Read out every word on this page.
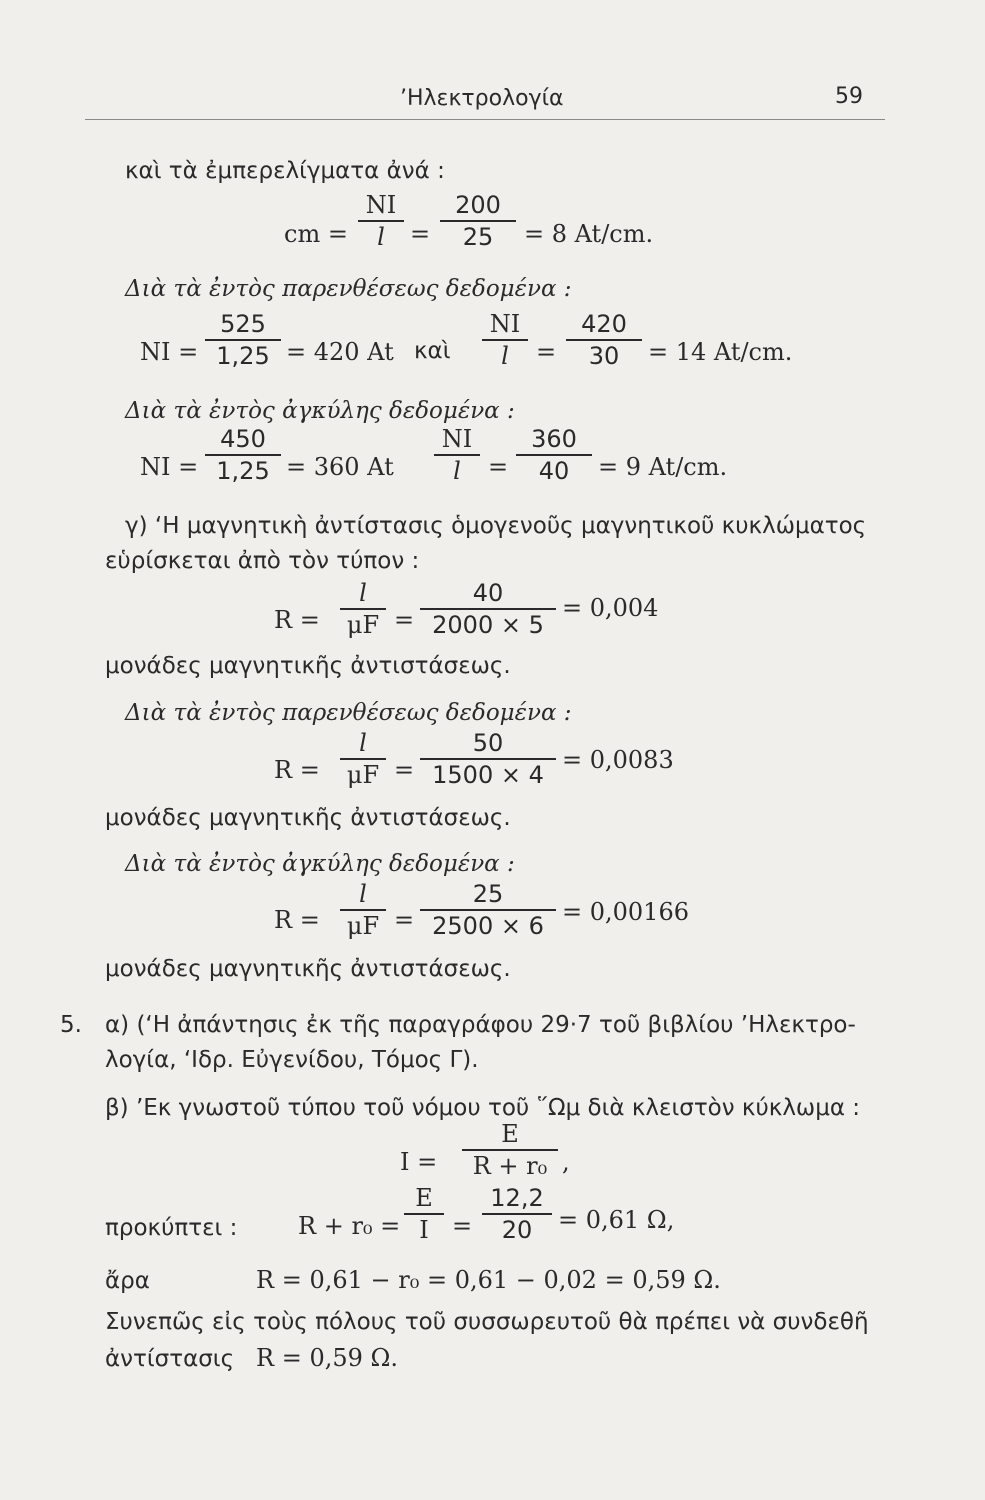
’Ηλεκτρολογία	59
καὶ τὰ ἐμπερελίγματα ἀνά :
cm =
NI
l	=
200
25	= 8 At/cm.
Διὰ τὰ ἐντὸς παρενθέσεως δεδομένα :
NI =
525
1,25 = 420 At καὶ
NI
l	=
420
30	= 14 At/cm.
Διὰ τὰ ἐντὸς ἀγκύλης δεδομένα :
NI =
450
1,25 = 360 At
NI
l	=
360
40	= 9 At/cm.
γ) ‘Η μαγνητικὴ ἀντίστασις ὁμογενοῦς μαγνητικοῦ κυκλώματος
εὑρίσκεται ἀπὸ τὸν τύπον :
R =
l
μF =
40
2000 × 5
= 0,004
μονάδες μαγνητικῆς ἀντιστάσεως.
Διὰ τὰ ἐντὸς παρενθέσεως δεδομένα :
R =
l
μF =
50
1500 × 4
= 0,0083
μονάδες μαγνητικῆς ἀντιστάσεως.
Διὰ τὰ ἐντὸς ἀγκύλης δεδομένα :
R =
l
μF =
25
2500 × 6 = 0,00166
μονάδες μαγνητικῆς ἀντιστάσεως.
5. α) (‘Η ἀπάντησις ἐκ τῆς παραγράφου 29·7 τοῦ βιβλίου ’Ηλεκτρο-
λογία, ‘Ιδρ. Εὐγενίδου, Τόμος Γ).
β) ’Εκ γνωστοῦ τύπου τοῦ νόμου τοῦ ῞Ωμ διὰ κλειστὸν κύκλωμα :
I =
E
R + r₀ ,
προκύπτει :	R + r₀ =
E
I =
12,2
20	= 0,61 Ω,
ἄρα	R = 0,61 − r₀ = 0,61 − 0,02 = 0,59 Ω.
Συνεπῶς εἰς τοὺς πόλους τοῦ συσσωρευτοῦ θὰ πρέπει νὰ συνδεθῆ
ἀντίστασις R = 0,59 Ω.
